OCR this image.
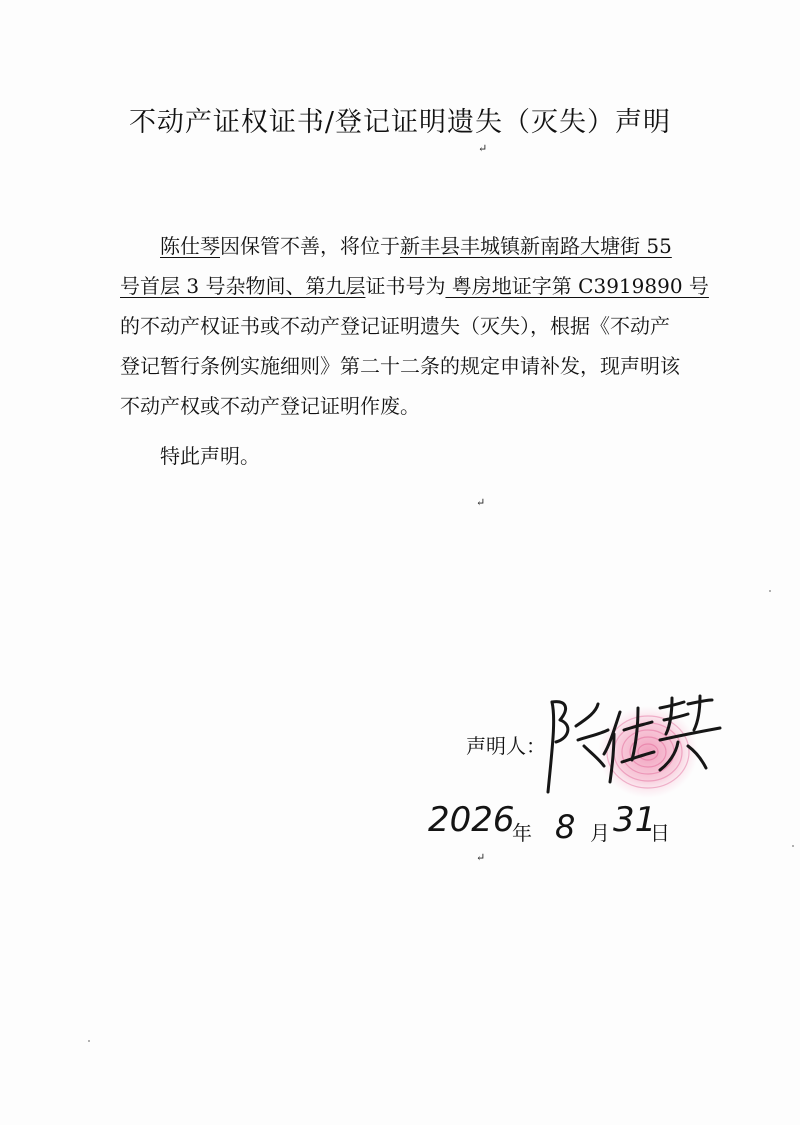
不动产证权证书/登记证明遗失（灭失）声明
↵
陈仕琴因保管不善，将位于新丰县丰城镇新南路大塘街 55
号首层 3 号杂物间、第九层证书号为 粤房地证字第 C3919890 号
的不动产权证书或不动产登记证明遗失（灭失），根据《不动产
登记暂行条例实施细则》第二十二条的规定申请补发，现声明该
不动产权或不动产登记证明作废。
特此声明。
↵
声明人：
2026
年 8 月 31
日
↵
